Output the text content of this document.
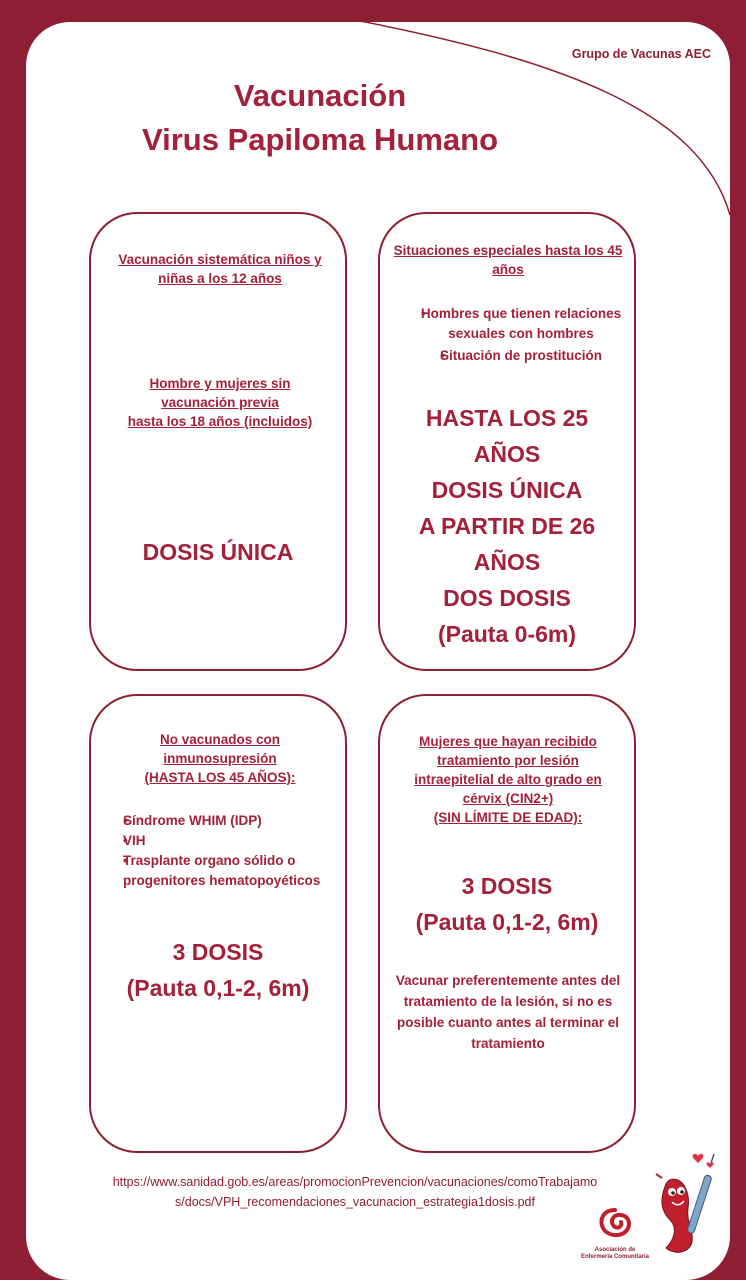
Grupo de Vacunas AEC
Vacunación
Virus Papiloma Humano
Vacunación sistemática niños y niñas a los 12 años
Hombre y mujeres sin
vacunación previa
hasta los 18 años (incluidos)
DOSIS ÚNICA
Situaciones especiales hasta los 45 años
• Hombres que tienen relaciones sexuales con hombres
• Situación de prostitución
HASTA LOS 25
AÑOS
DOSIS ÚNICA
A PARTIR DE 26
AÑOS
DOS DOSIS
(Pauta 0-6m)
No vacunados con
inmunosupresión
(HASTA LOS 45 AÑOS):
• Síndrome WHIM (IDP)
• VIH
• Trasplante organo sólido o progenitores hematopoyéticos
3 DOSIS
(Pauta 0,1-2, 6m)
Mujeres que hayan recibido
tratamiento por lesión
intraepitelial de alto grado en
cérvix (CIN2+)
(SIN LÍMITE DE EDAD):
3 DOSIS
(Pauta 0,1-2, 6m)
Vacunar preferentemente antes del tratamiento de la lesión, si no es posible cuanto antes al terminar el tratamiento
https://www.sanidad.gob.es/areas/promocionPrevencion/vacunaciones/comoTrabajamo
s/docs/VPH_recomendaciones_vacunacion_estrategia1dosis.pdf
Asociación de
Enfermería Comunitaria
